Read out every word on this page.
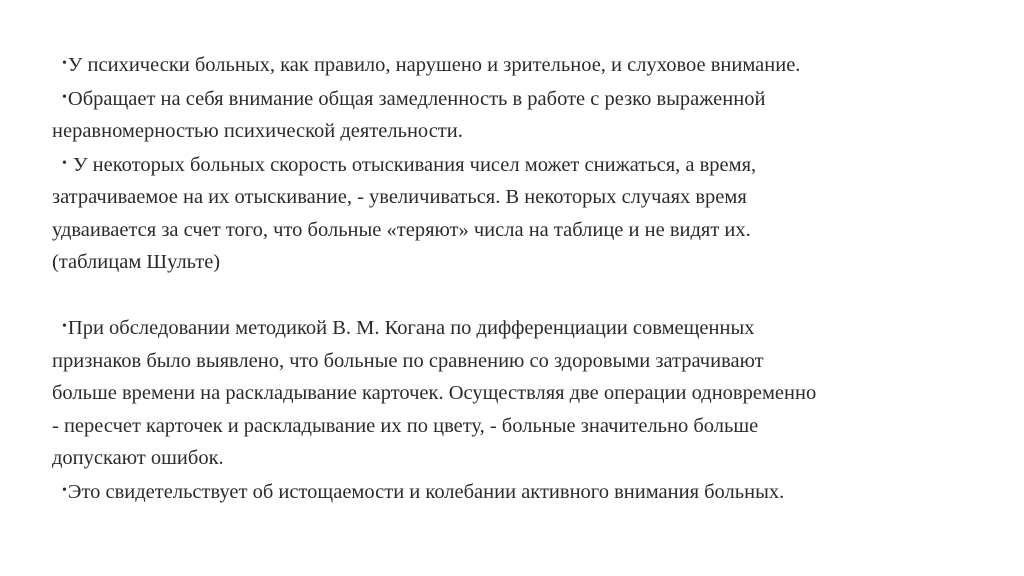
•У психически больных, как правило, нарушено и зрительное, и слуховое внимание.
•Обращает на себя внимание общая замедленность в работе с резко выраженной
неравномерностью психической деятельности.
• У некоторых больных скорость отыскивания чисел может снижаться, а время,
затрачиваемое на их отыскивание, - увеличиваться. В некоторых случаях время
удваивается за счет того, что больные «теряют» числа на таблице и не видят их.
(таблицам Шульте)
•При обследовании методикой В. М. Когана по дифференциации совмещенных
признаков было выявлено, что больные по сравнению со здоровыми затрачивают
больше времени на раскладывание карточек. Осуществляя две операции одновременно
- пересчет карточек и раскладывание их по цвету, - больные значительно больше
допускают ошибок.
•Это свидетельствует об истощаемости и колебании активного внимания больных.
